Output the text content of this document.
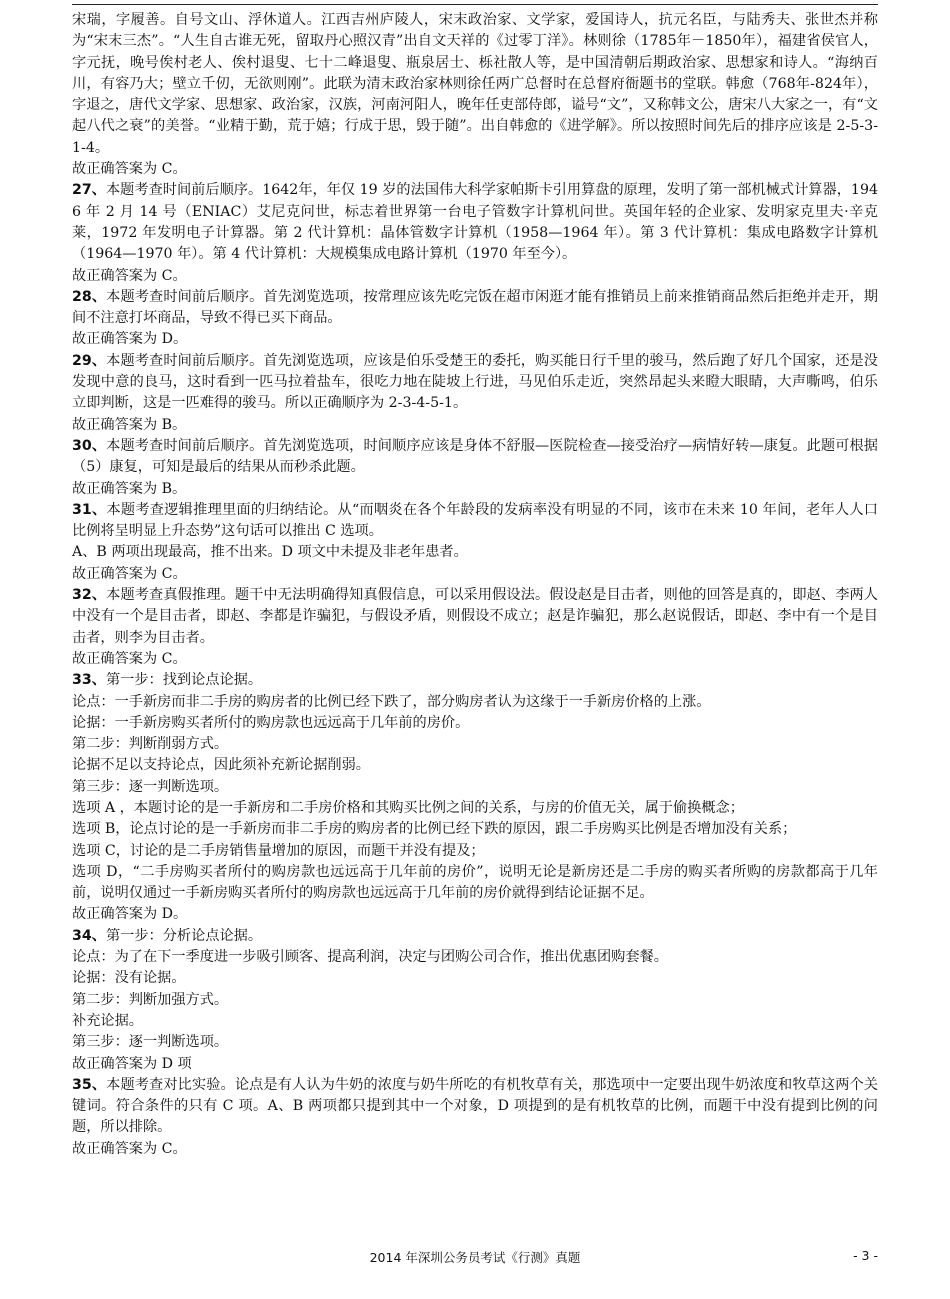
宋瑞，字履善。自号文山、浮休道人。江西吉州庐陵人，宋末政治家、文学家，爱国诗人，抗元名臣，与陆秀夫、张世杰并称为“宋末三杰”。“人生自古谁无死，留取丹心照汉青”出自文天祥的《过零丁洋》。林则徐（1785年－1850年），福建省侯官人，字元抚，晚号俟村老人、俟村退叟、七十二峰退叟、瓶泉居士、栎社散人等，是中国清朝后期政治家、思想家和诗人。“海纳百川，有容乃大；壁立千仞，无欲则刚”。此联为清末政治家林则徐任两广总督时在总督府衙题书的堂联。韩愈（768年-824年），字退之，唐代文学家、思想家、政治家，汉族，河南河阳人，晚年任吏部侍郎，谥号“文”，又称韩文公，唐宋八大家之一，有“文起八代之衰”的美誉。“业精于勤，荒于嬉；行成于思，毁于随”。出自韩愈的《进学解》。所以按照时间先后的排序应该是 2-5-3-1-4。

故正确答案为 C。

27、本题考查时间前后顺序。1642年，年仅 19 岁的法国伟大科学家帕斯卡引用算盘的原理，发明了第一部机械式计算器，1946 年 2 月 14 号（ENIAC）艾尼克问世，标志着世界第一台电子管数字计算机问世。英国年轻的企业家、发明家克里夫·辛克莱，1972 年发明电子计算器。第 2 代计算机：晶体管数字计算机（1958—1964 年）。第 3 代计算机：集成电路数字计算机（1964—1970 年）。第 4 代计算机：大规模集成电路计算机（1970 年至今）。

故正确答案为 C。

28、本题考查时间前后顺序。首先浏览选项，按常理应该先吃完饭在超市闲逛才能有推销员上前来推销商品然后拒绝并走开，期间不注意打坏商品，导致不得已买下商品。

故正确答案为 D。

29、本题考查时间前后顺序。首先浏览选项，应该是伯乐受楚王的委托，购买能日行千里的骏马，然后跑了好几个国家，还是没发现中意的良马，这时看到一匹马拉着盐车，很吃力地在陡坡上行进，马见伯乐走近，突然昂起头来瞪大眼睛，大声嘶鸣，伯乐立即判断，这是一匹难得的骏马。所以正确顺序为 2-3-4-5-1。

故正确答案为 B。

30、本题考查时间前后顺序。首先浏览选项，时间顺序应该是身体不舒服—医院检查—接受治疗—病情好转—康复。此题可根据（5）康复，可知是最后的结果从而秒杀此题。

故正确答案为 B。

31、本题考查逻辑推理里面的归纳结论。从“而咽炎在各个年龄段的发病率没有明显的不同，该市在未来 10 年间，老年人人口比例将呈明显上升态势”这句话可以推出 C 选项。

A、B 两项出现最高，推不出来。D 项文中未提及非老年患者。

故正确答案为 C。

32、本题考查真假推理。题干中无法明确得知真假信息，可以采用假设法。假设赵是目击者，则他的回答是真的，即赵、李两人中没有一个是目击者，即赵、李都是诈骗犯，与假设矛盾，则假设不成立；赵是诈骗犯，那么赵说假话，即赵、李中有一个是目击者，则李为目击者。

故正确答案为 C。

33、第一步：找到论点论据。

论点：一手新房而非二手房的购房者的比例已经下跌了，部分购房者认为这缘于一手新房价格的上涨。

论据：一手新房购买者所付的购房款也远远高于几年前的房价。

第二步：判断削弱方式。

论据不足以支持论点，因此须补充新论据削弱。

第三步：逐一判断选项。

选项 A ，本题讨论的是一手新房和二手房价格和其购买比例之间的关系，与房的价值无关，属于偷换概念；

选项 B，论点讨论的是一手新房而非二手房的购房者的比例已经下跌的原因，跟二手房购买比例是否增加没有关系；

选项 C，讨论的是二手房销售量增加的原因，而题干并没有提及；

选项 D，“二手房购买者所付的购房款也远远高于几年前的房价”，说明无论是新房还是二手房的购买者所购的房款都高于几年前，说明仅通过一手新房购买者所付的购房款也远远高于几年前的房价就得到结论证据不足。

故正确答案为 D。

34、第一步：分析论点论据。

论点：为了在下一季度进一步吸引顾客、提高利润，决定与团购公司合作，推出优惠团购套餐。

论据：没有论据。

第二步：判断加强方式。

补充论据。

第三步：逐一判断选项。

故正确答案为 D 项

35、本题考查对比实验。论点是有人认为牛奶的浓度与奶牛所吃的有机牧草有关，那选项中一定要出现牛奶浓度和牧草这两个关键词。符合条件的只有 C 项。A、B 两项都只提到其中一个对象，D 项提到的是有机牧草的比例，而题干中没有提到比例的问题，所以排除。

故正确答案为 C。

2014 年深圳公务员考试《行测》真题	- 3 -
